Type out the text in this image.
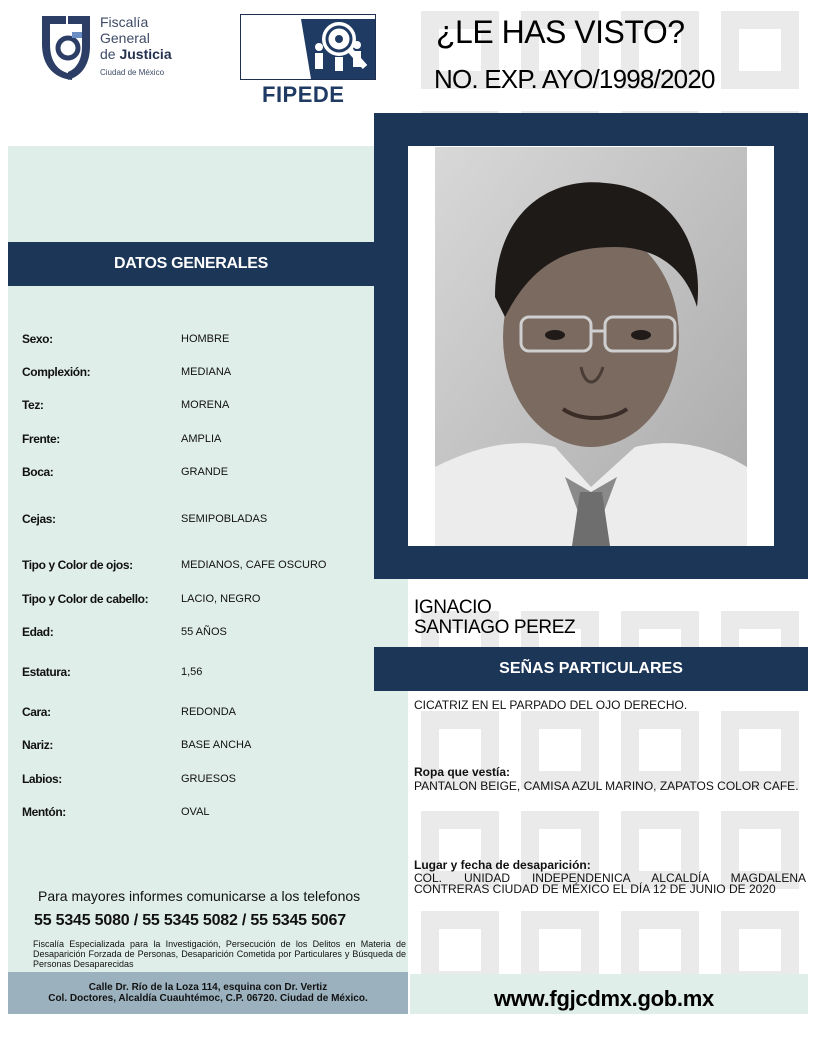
Fiscalía
General
de Justicia
Ciudad de México
FIPEDE
¿LE HAS VISTO?
NO. EXP. AYO/1998/2020
DATOS GENERALES
Sexo:	HOMBRE
Complexión:	MEDIANA
Tez:	MORENA
Frente:	AMPLIA
Boca:	GRANDE
Cejas:	SEMIPOBLADAS
Tipo y Color de ojos:	MEDIANOS, CAFE OSCURO
Tipo y Color de cabello:	LACIO, NEGRO
Edad:	55 AÑOS
Estatura:	1,56
Cara:	REDONDA
Nariz:	BASE ANCHA
Labios:	GRUESOS
Mentón:	OVAL
IGNACIO
SANTIAGO PEREZ
SEÑAS PARTICULARES
CICATRIZ EN EL PARPADO DEL OJO DERECHO.
Ropa que vestía:
PANTALON BEIGE, CAMISA AZUL MARINO, ZAPATOS COLOR CAFE.
Lugar y fecha de desaparición:
COL. UNIDAD INDEPENDENICA ALCALDÍA MAGDALENA CONTRERAS CIUDAD DE MÉXICO EL DÍA 12 DE JUNIO DE 2020
Para mayores informes comunicarse a los telefonos
55 5345 5080 / 55 5345 5082 / 55 5345 5067
Fiscalía Especializada para la Investigación, Persecución de los Delitos en Materia de Desaparición Forzada de Personas, Desaparición Cometida por Particulares y Búsqueda de Personas Desaparecidas
Calle Dr. Río de la Loza 114, esquina con Dr. Vertiz
Col. Doctores, Alcaldía Cuauhtémoc, C.P. 06720. Ciudad de México.	www.fgjcdmx.gob.mx
